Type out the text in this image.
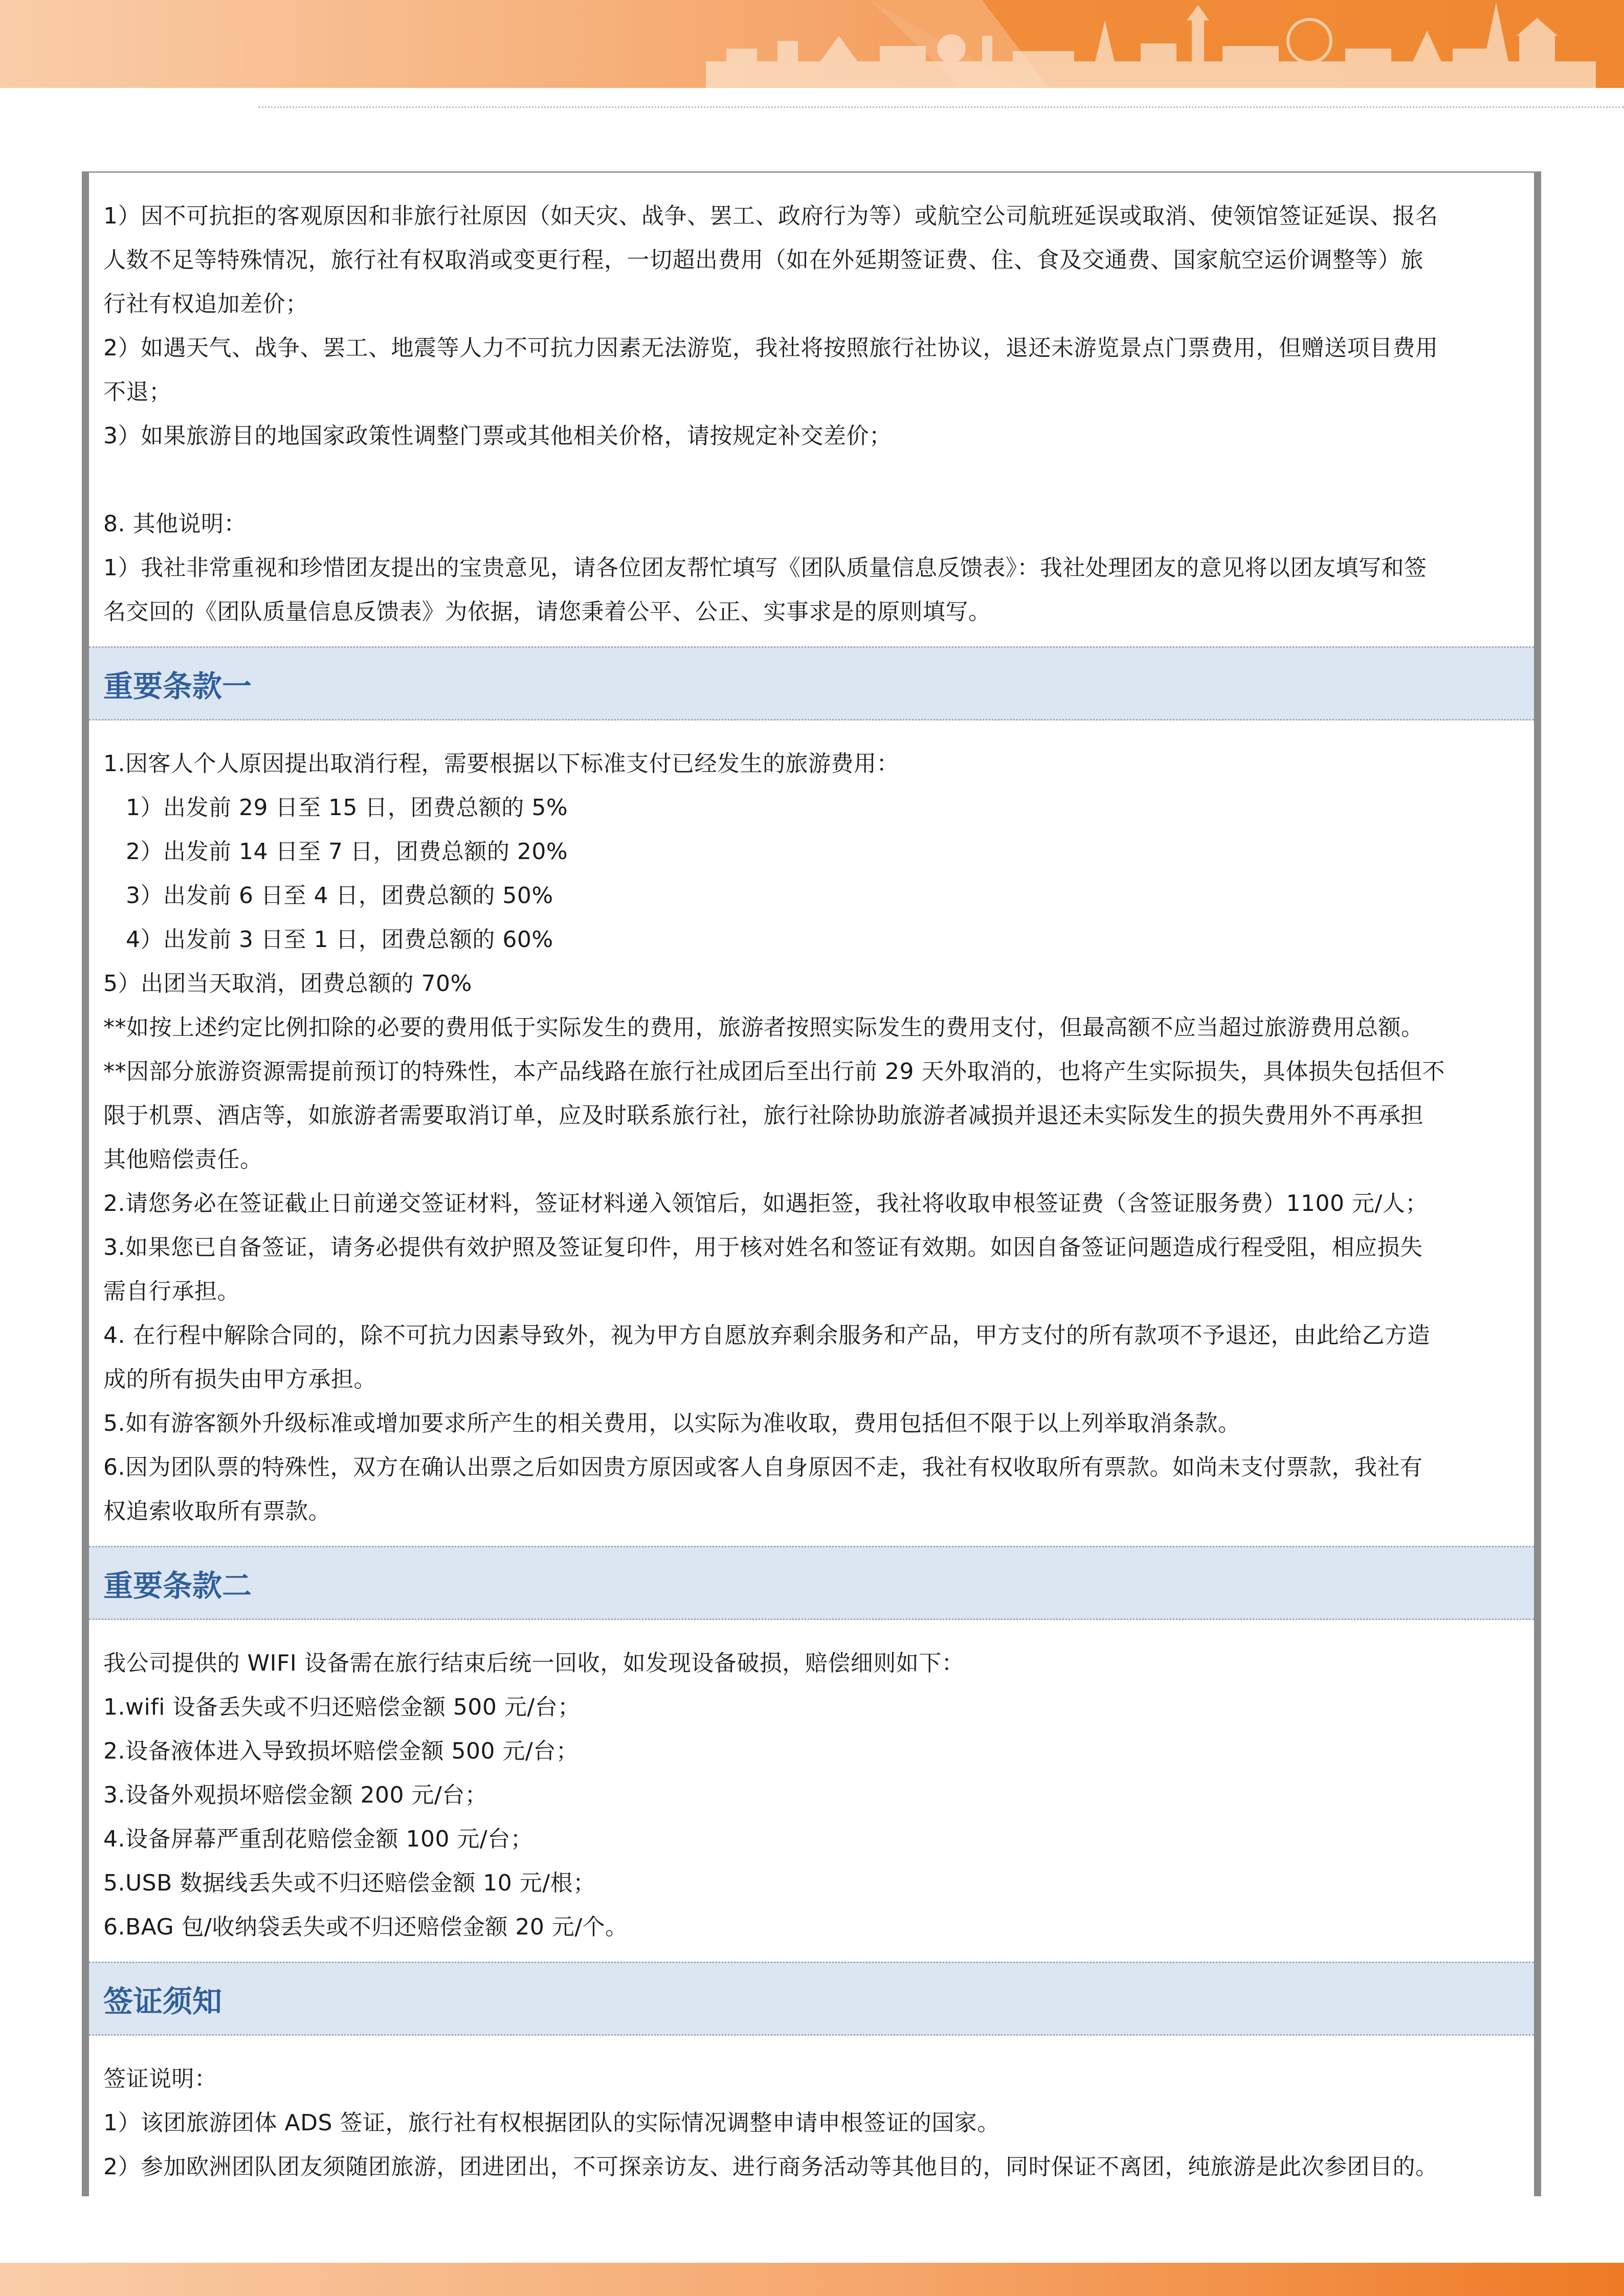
1）因不可抗拒的客观原因和非旅行社原因（如天灾、战争、罢工、政府行为等）或航空公司航班延误或取消、使领馆签证延误、报名
人数不足等特殊情况，旅行社有权取消或变更行程，一切超出费用（如在外延期签证费、住、食及交通费、国家航空运价调整等）旅
行社有权追加差价；
2）如遇天气、战争、罢工、地震等人力不可抗力因素无法游览，我社将按照旅行社协议，退还未游览景点门票费用，但赠送项目费用
不退；
3）如果旅游目的地国家政策性调整门票或其他相关价格，请按规定补交差价；
8. 其他说明：
1）我社非常重视和珍惜团友提出的宝贵意见，请各位团友帮忙填写《团队质量信息反馈表》：我社处理团友的意见将以团友填写和签
名交回的《团队质量信息反馈表》为依据，请您秉着公平、公正、实事求是的原则填写。
重要条款一
1.因客人个人原因提出取消行程，需要根据以下标准支付已经发生的旅游费用：
1）出发前 29 日至 15 日，团费总额的 5%
2）出发前 14 日至 7 日，团费总额的 20%
3）出发前 6 日至 4 日，团费总额的 50%
4）出发前 3 日至 1 日，团费总额的 60%
5）出团当天取消，团费总额的 70%
**如按上述约定比例扣除的必要的费用低于实际发生的费用，旅游者按照实际发生的费用支付，但最高额不应当超过旅游费用总额。
**因部分旅游资源需提前预订的特殊性，本产品线路在旅行社成团后至出行前 29 天外取消的，也将产生实际损失，具体损失包括但不
限于机票、酒店等，如旅游者需要取消订单，应及时联系旅行社，旅行社除协助旅游者减损并退还未实际发生的损失费用外不再承担
其他赔偿责任。
2.请您务必在签证截止日前递交签证材料，签证材料递入领馆后，如遇拒签，我社将收取申根签证费（含签证服务费）1100 元/人；
3.如果您已自备签证，请务必提供有效护照及签证复印件，用于核对姓名和签证有效期。如因自备签证问题造成行程受阻，相应损失
需自行承担。
4. 在行程中解除合同的，除不可抗力因素导致外，视为甲方自愿放弃剩余服务和产品，甲方支付的所有款项不予退还，由此给乙方造
成的所有损失由甲方承担。
5.如有游客额外升级标准或增加要求所产生的相关费用，以实际为准收取，费用包括但不限于以上列举取消条款。
6.因为团队票的特殊性，双方在确认出票之后如因贵方原因或客人自身原因不走，我社有权收取所有票款。如尚未支付票款，我社有
权追索收取所有票款。
重要条款二
我公司提供的 WIFI 设备需在旅行结束后统一回收，如发现设备破损，赔偿细则如下：
1.wifi 设备丢失或不归还赔偿金额 500 元/台；
2.设备液体进入导致损坏赔偿金额 500 元/台；
3.设备外观损坏赔偿金额 200 元/台；
4.设备屏幕严重刮花赔偿金额 100 元/台；
5.USB 数据线丢失或不归还赔偿金额 10 元/根；
6.BAG 包/收纳袋丢失或不归还赔偿金额 20 元/个。
签证须知
签证说明：
1）该团旅游团体 ADS 签证，旅行社有权根据团队的实际情况调整申请申根签证的国家。
2）参加欧洲团队团友须随团旅游，团进团出，不可探亲访友、进行商务活动等其他目的，同时保证不离团，纯旅游是此次参团目的。
